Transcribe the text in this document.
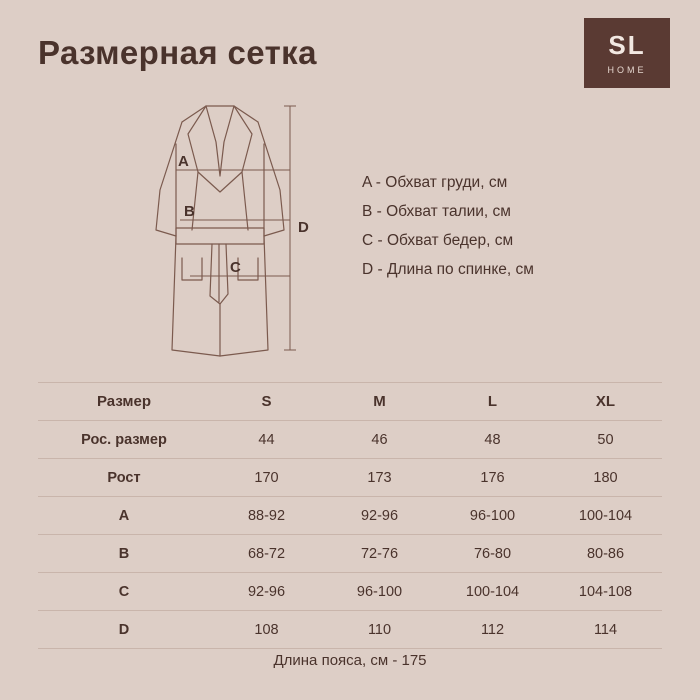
Размерная сетка	SL
HOME
A
B
C
D
A - Обхват груди, см
B - Обхват талии, см
C - Обхват бедер, см
D - Длина по спинке, см
Размер	S	M	L	XL
Рос. размер	44	46	48	50
Рост	170	173	176	180
A	88-92	92-96	96-100	100-104
B	68-72	72-76	76-80	80-86
C	92-96	96-100	100-104	104-108
D	108	110	112	114
Длина пояса, см - 175
